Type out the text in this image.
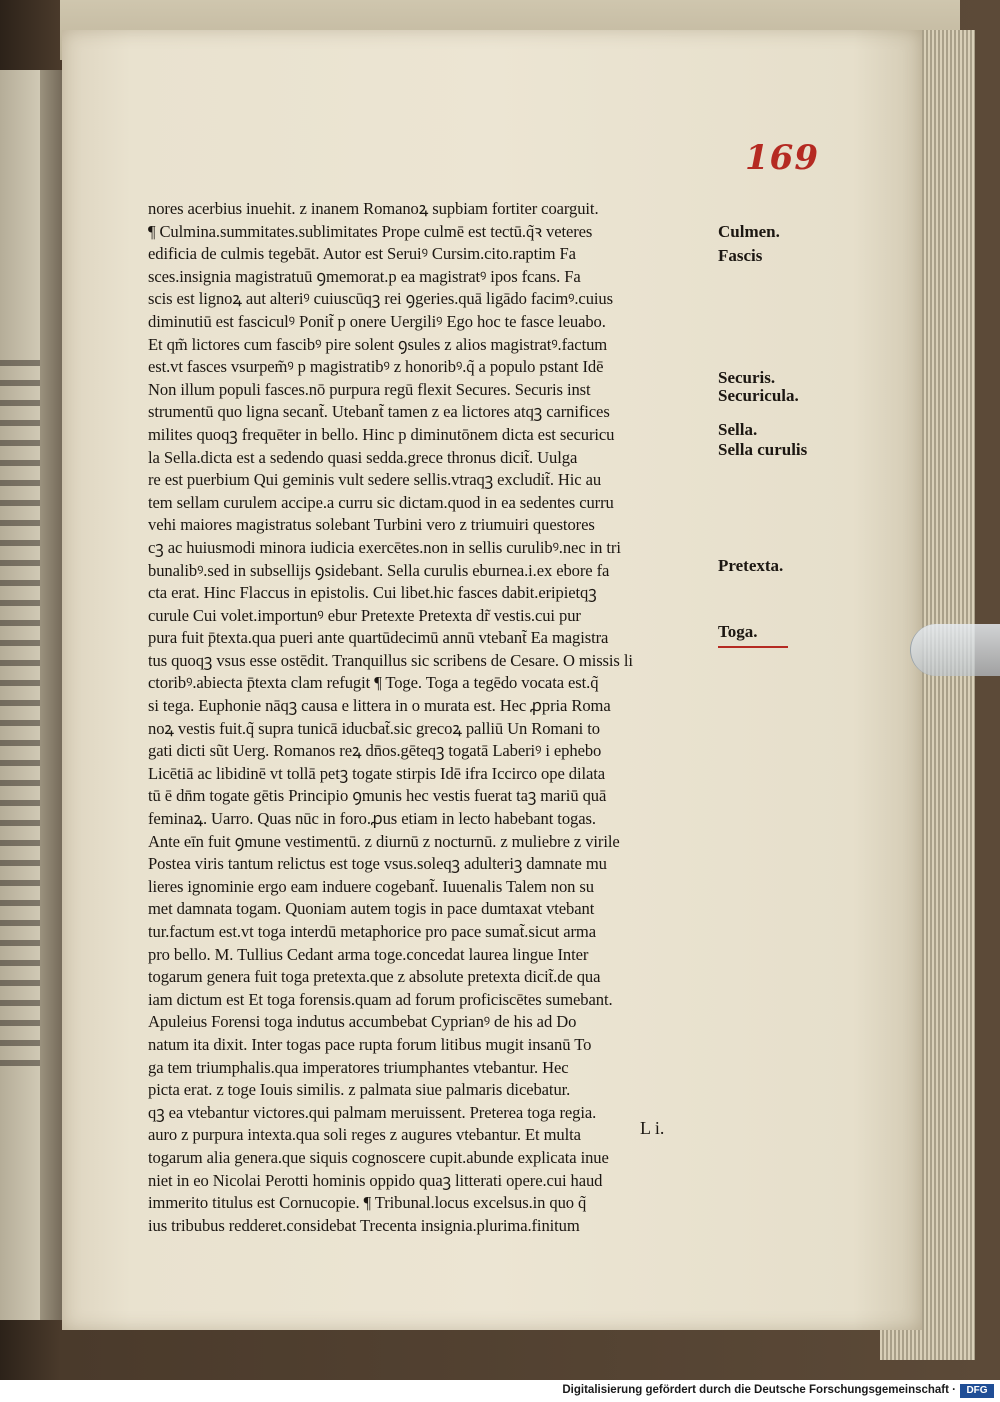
169
nores acerbius inuehit. z inanem Romanoꝝ supbiam fortiter coarguit.
¶ Culmina.summitates.sublimitates Prope culmē est tectū.q̃ꝛ veteres
edificia de culmis tegebāt. Autor est Seruiꝰ Cursim.cito.raptim Fa
sces.insignia magistratuū ꝯmemorat.p ea magistratꝰ ipos fcans. Fa
scis est lignoꝝ aut alteriꝰ cuiuscūqꝫ rei ꝯgeries.quā ligādo facimꝰ.cuius
diminutiū est fasciculꝰ Ponit̃ p onere Uergiliꝰ Ego hoc te fasce leuabo.
Et qm̃ lictores cum fascibꝰ pire solent ꝯsules z alios magistratꝰ.factum
est.vt fasces vsurpem̃ꝰ p magistratibꝰ z honoribꝰ.q̃ a populo pstant Idē
Non illum populi fasces.nō purpura regū flexit Secures. Securis inst
strumentū quo ligna secant̃. Utebant̃ tamen z ea lictores atqꝫ carnifices
milites quoqꝫ frequēter in bello. Hinc p diminutōnem dicta est securicu
la Sella.dicta est a sedendo quasi sedda.grece thronus dicit̃. Uulga
re est puerbium Qui geminis vult sedere sellis.vtraqꝫ excludit̃. Hic au
tem sellam curulem accipe.a curru sic dictam.quod in ea sedentes curru
vehi maiores magistratus solebant Turbini vero z triumuiri questores
cꝫ ac huiusmodi minora iudicia exercētes.non in sellis curulibꝰ.nec in tri
bunalibꝰ.sed in subsellijs ꝯsidebant. Sella curulis eburnea.i.ex ebore fa
cta erat. Hinc Flaccus in epistolis. Cui libet.hic fasces dabit.eripietqꝫ
curule Cui volet.importunꝰ ebur Pretexte Pretexta dr̃ vestis.cui pur
pura fuit p̄texta.qua pueri ante quartūdecimū annū vtebant̃ Ea magistra
tus quoqꝫ vsus esse ostēdit. Tranquillus sic scribens de Cesare. O missis li
ctoribꝰ.abiecta p̄texta clam refugit ¶ Toge. Toga a tegēdo vocata est.q̃
si tega. Euphonie nāqꝫ causa e littera in o murata est. Hec ꝓpria Roma
noꝝ vestis fuit.q̃ supra tunicā iducbat̃.sic grecoꝝ palliū Un Romani to
gati dicti sũt Uerg. Romanos reꝝ dn̄os.gēteqꝫ togatā Laberiꝰ i ephebo
Licētiā ac libidinē vt tollā petꝫ togate stirpis Idē ifra Iccirco ope dilata
tū ē dn̄m togate gētis Principio ꝯmunis hec vestis fuerat taꝫ mariū quā
feminaꝝ. Uarro. Quas nūc in foro.ꝓus etiam in lecto habebant togas.
Ante eīn fuit ꝯmune vestimentū. z diurnū z nocturnū. z muliebre z virile
Postea viris tantum relictus est toge vsus.soleqꝫ adulteriꝫ damnate mu
lieres ignominie ergo eam induere cogebant̃. Iuuenalis Talem non su
met damnata togam. Quoniam autem togis in pace dumtaxat vtebant
tur.factum est.vt toga interdū metaphorice pro pace sumat̃.sicut arma
pro bello. M. Tullius Cedant arma toge.concedat laurea lingue Inter
togarum genera fuit toga pretexta.que z absolute pretexta dicit̃.de qua
iam dictum est Et toga forensis.quam ad forum proficiscētes sumebant.
Apuleius Forensi toga indutus accumbebat Cyprianꝰ de his ad Do
natum ita dixit. Inter togas pace rupta forum litibus mugit insanū To
ga tem triumphalis.qua imperatores triumphantes vtebantur. Hec
picta erat. z toge Iouis similis. z palmata siue palmaris dicebatur.
qꝫ ea vtebantur victores.qui palmam meruissent. Preterea toga regia.
auro z purpura intexta.qua soli reges z augures vtebantur. Et multa
togarum alia genera.que siquis cognoscere cupit.abunde explicata inue
niet in eo Nicolai Perotti hominis oppido quaꝫ litterati opere.cui haud
immerito titulus est Cornucopie. ¶ Tribunal.locus excelsus.in quo q̃
ius tribubus redderet.considebat Trecenta insignia.plurima.finitum
Culmen.
Fascis
Securis.
Securicula.
Sella.
Sella curulis
Pretexta.
Toga.
L i.
Digitalisierung gefördert durch die Deutsche Forschungsgemeinschaft ·	DFG
